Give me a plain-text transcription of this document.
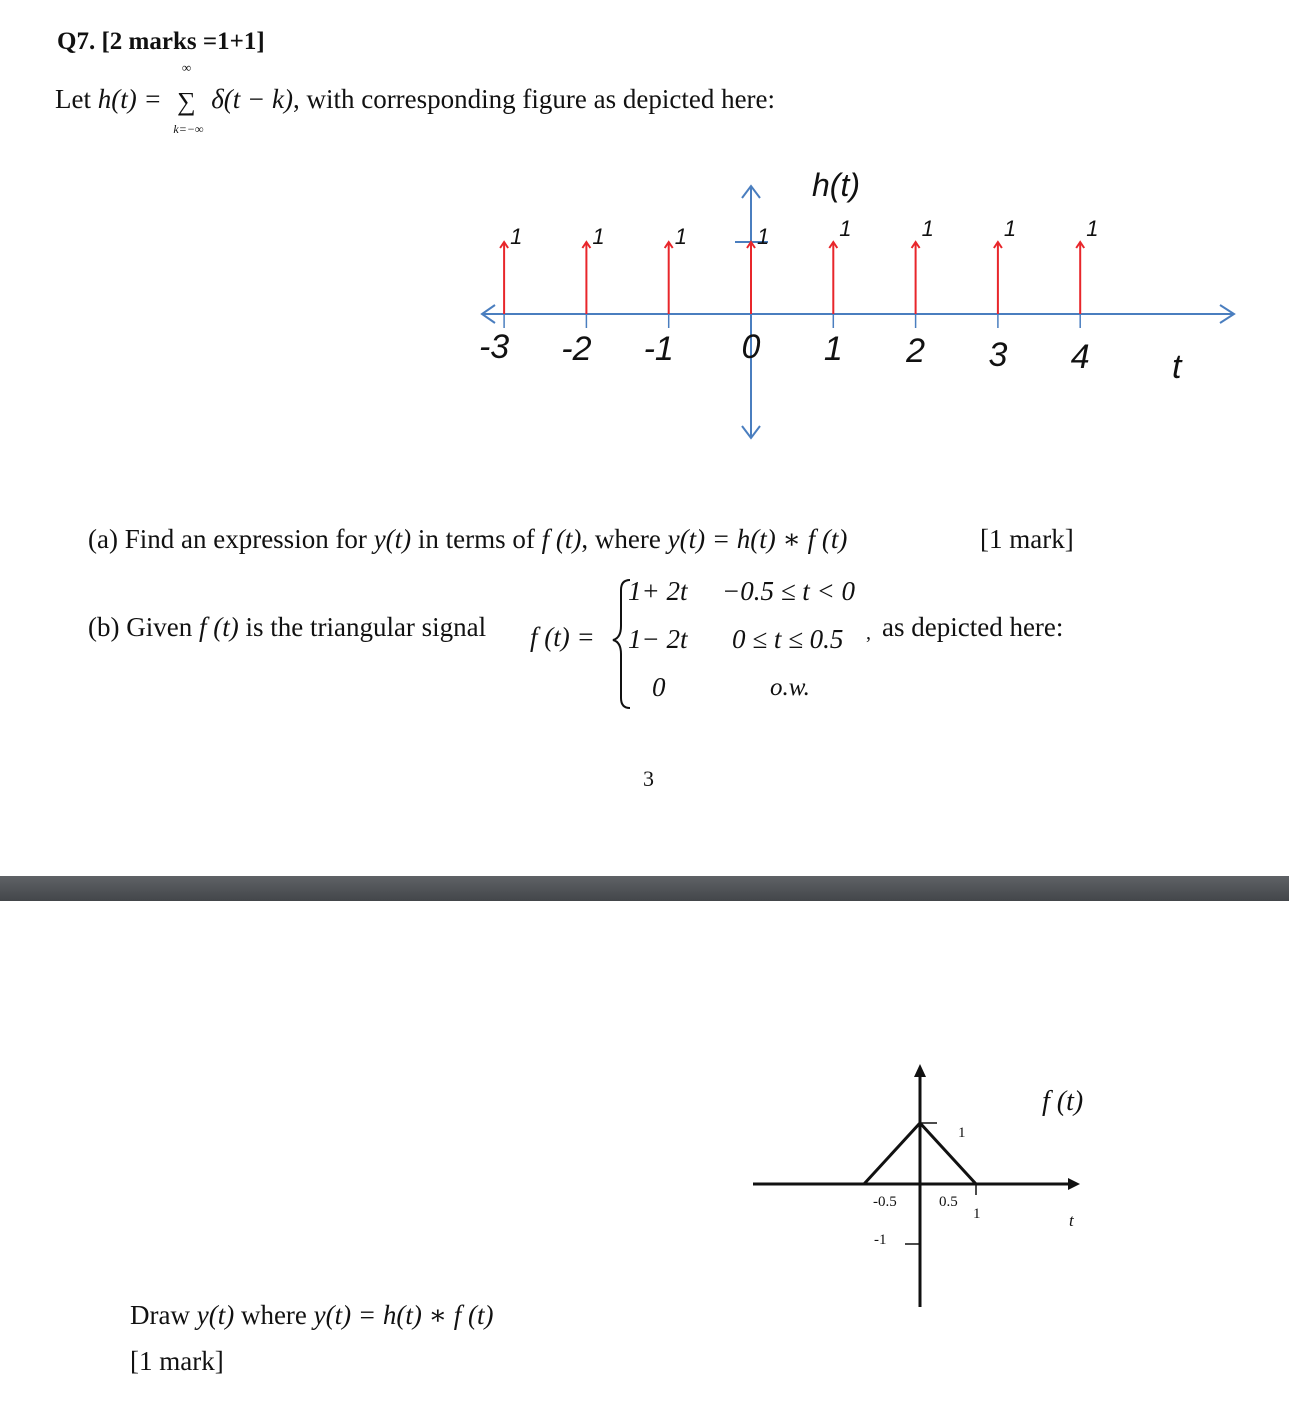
Q7. [2 marks =1+1]
Let h(t) =
∞
∑
k=−∞
δ(t − k), with corresponding figure as depicted here:
h(t)
1
-3
1
-2
1
-1
1
0
1
1
1
2
1
3
1
4 t
(a) Find an expression for y(t) in terms of f (t), where y(t) = h(t) ∗ f (t)	[1 mark]
(b) Given f (t) is the triangular signal f (t) =
1+ 2t −0.5 ≤ t < 0
1− 2t 0 ≤ t ≤ 0.5
0	o.w.
, as depicted here:
3
1
-0.5	0.5
1
-1
f (t)
t
Draw y(t) where y(t) = h(t) ∗ f (t)
[1 mark]
